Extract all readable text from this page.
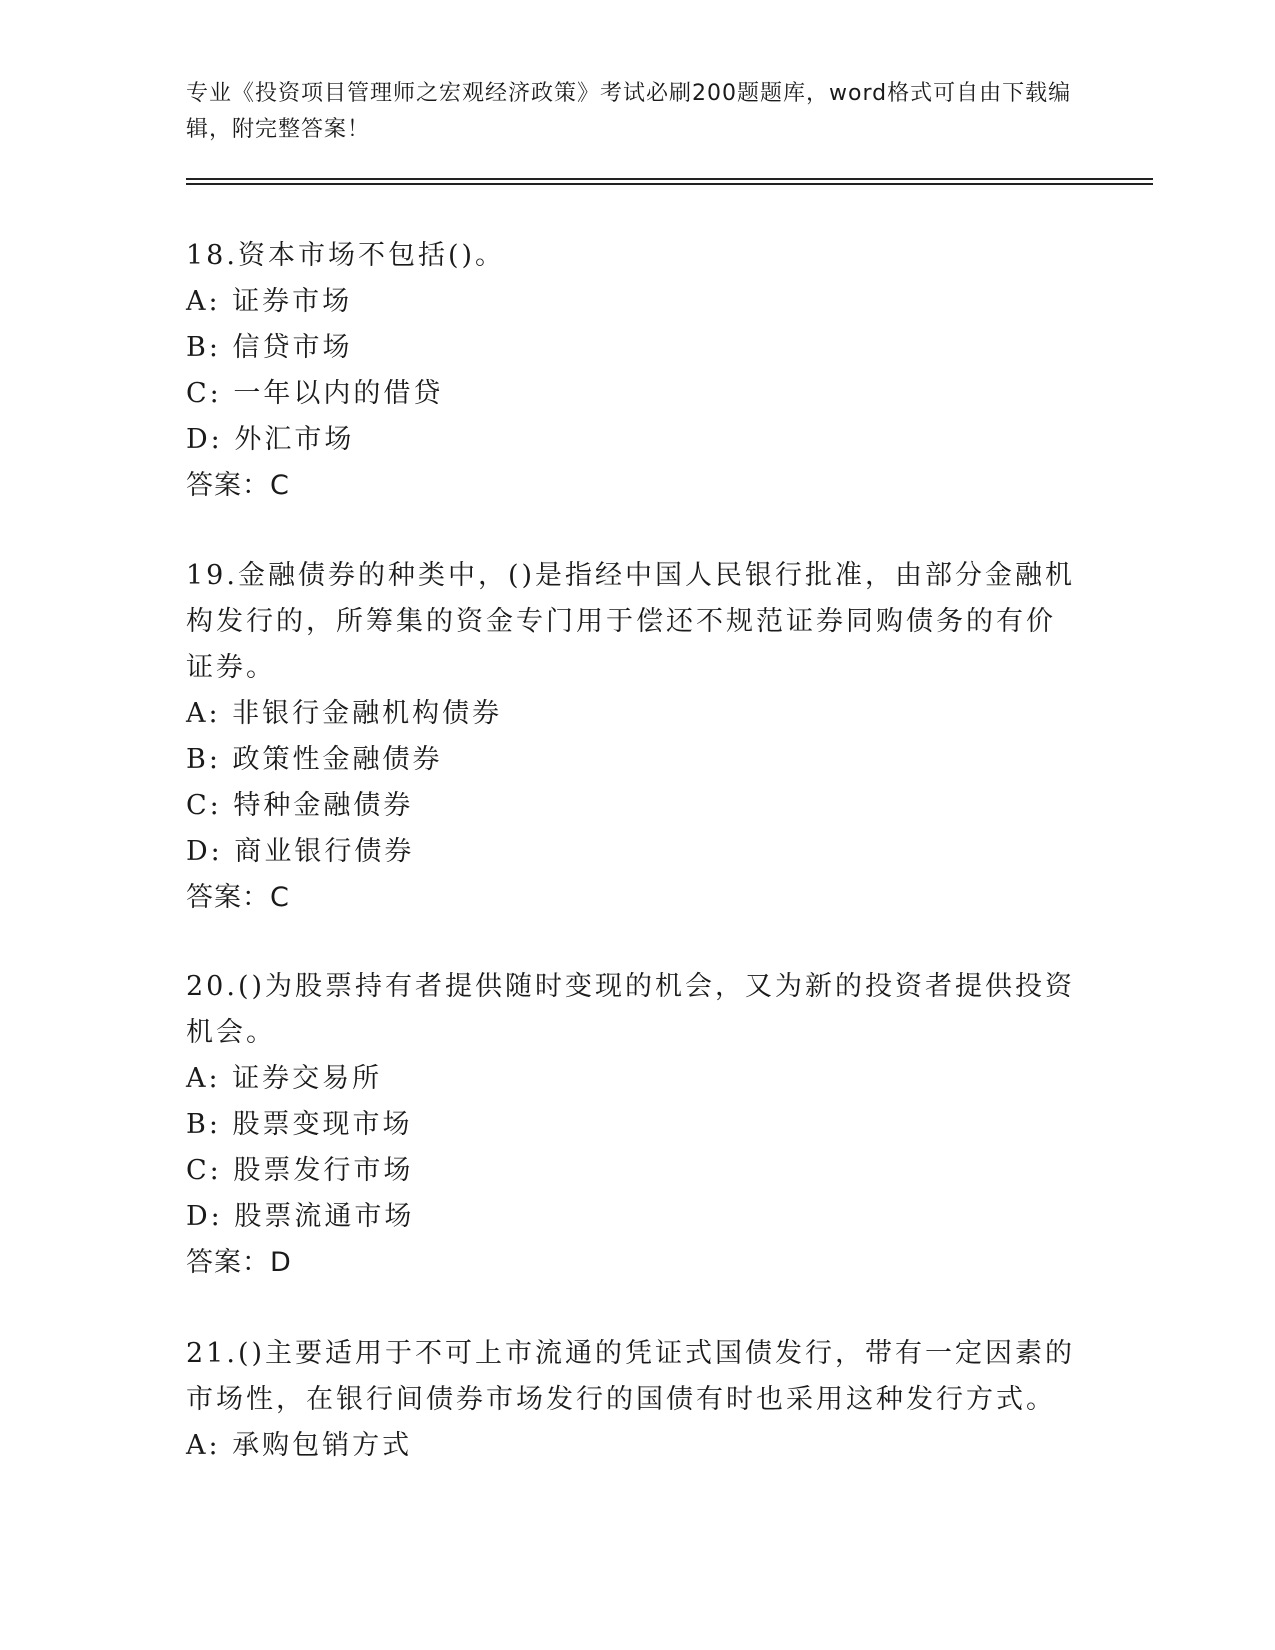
专业《投资项目管理师之宏观经济政策》考试必刷200题题库，word格式可自由下载编辑，附完整答案！

18.资本市场不包括()。

A: 证券市场

B: 信贷市场

C: 一年以内的借贷

D: 外汇市场

答案：C

19.金融债券的种类中，()是指经中国人民银行批准，由部分金融机构发行的，所筹集的资金专门用于偿还不规范证券同购债务的有价证券。

A: 非银行金融机构债券

B: 政策性金融债券

C: 特种金融债券

D: 商业银行债券

答案：C

20.()为股票持有者提供随时变现的机会，又为新的投资者提供投资机会。

A: 证券交易所

B: 股票变现市场

C: 股票发行市场

D: 股票流通市场

答案：D

21.()主要适用于不可上市流通的凭证式国债发行，带有一定因素的市场性，在银行间债券市场发行的国债有时也采用这种发行方式。

A: 承购包销方式
